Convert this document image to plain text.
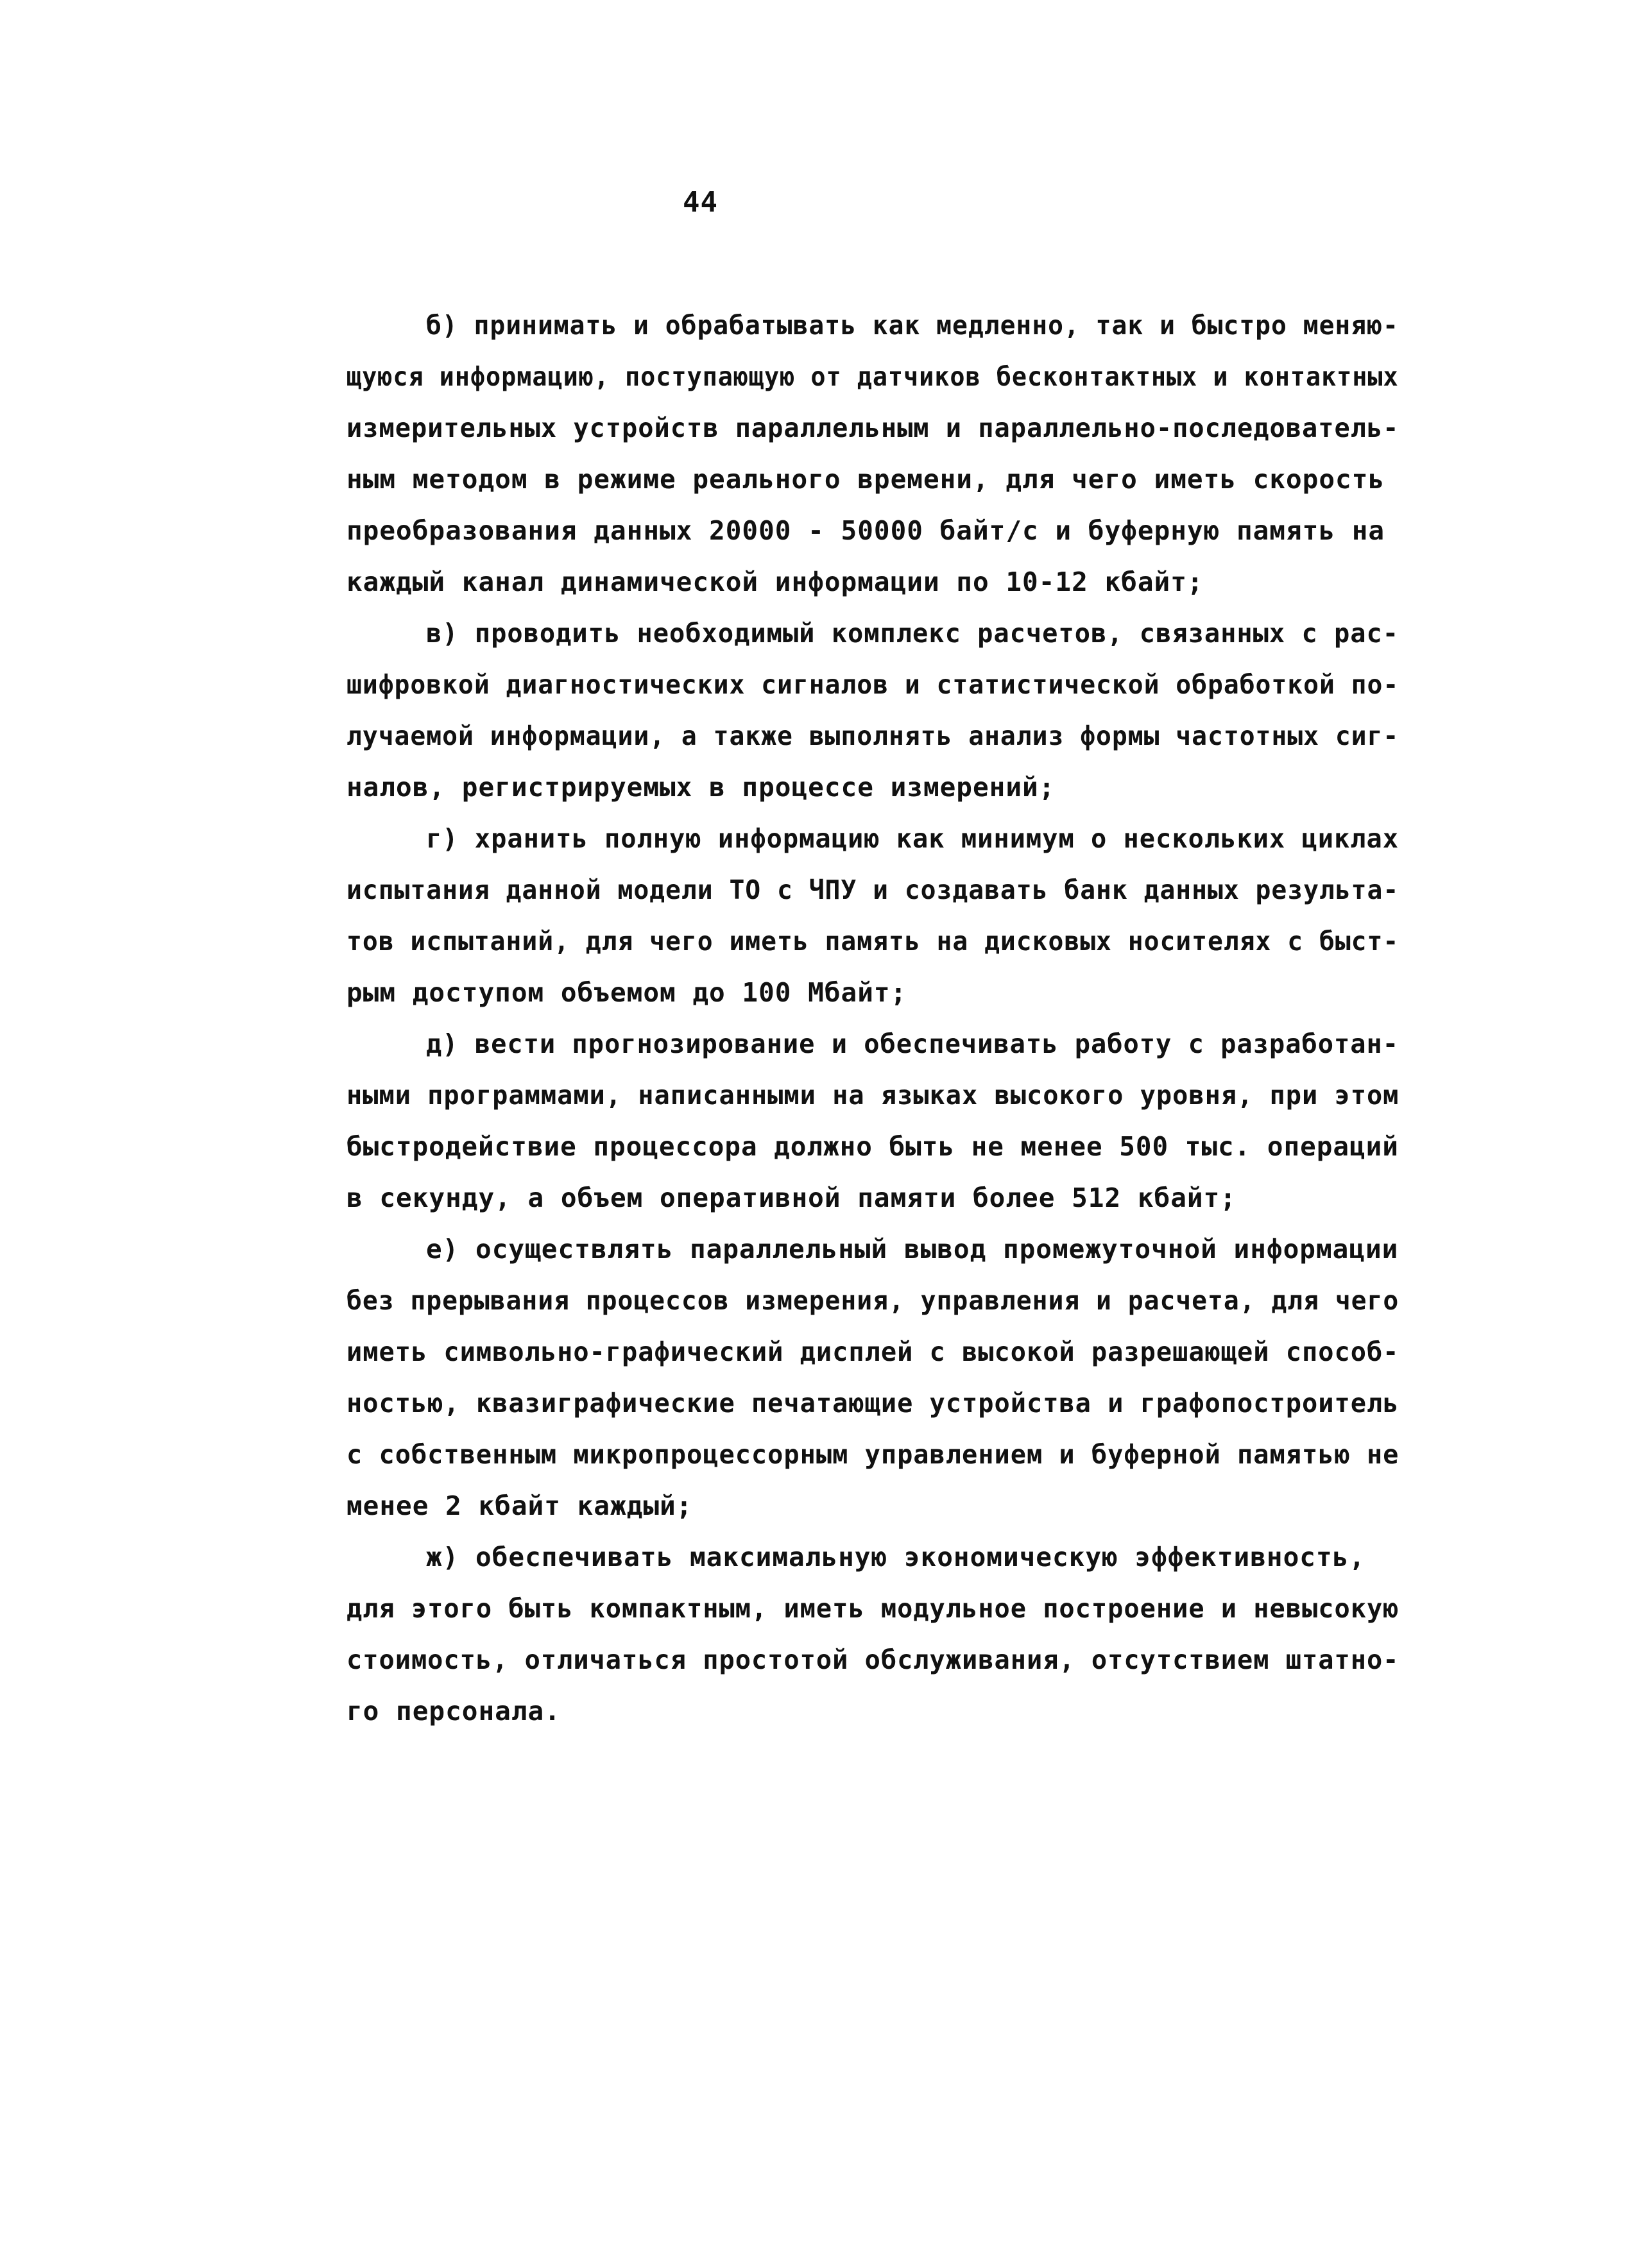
44
б) принимать и обрабатывать как медленно, так и быстро меняю-
щуюся информацию, поступающую от датчиков бесконтактных и контактных
измерительных устройств параллельным и параллельно-последователь-
ным методом в режиме реального времени, для чего иметь скорость
преобразования данных 20000 - 50000 байт/с и буферную память на
каждый канал динамической информации по 10-12 кбайт;
в) проводить необходимый комплекс расчетов, связанных с рас-
шифровкой диагностических сигналов и статистической обработкой по-
лучаемой информации, а также выполнять анализ формы частотных сиг-
налов, регистрируемых в процессе измерений;
г) хранить полную информацию как минимум о нескольких циклах
испытания данной модели ТО с ЧПУ и создавать банк данных результа-
тов испытаний, для чего иметь память на дисковых носителях с быст-
рым доступом объемом до 100 Мбайт;
д) вести прогнозирование и обеспечивать работу с разработан-
ными программами, написанными на языках высокого уровня, при этом
быстродействие процессора должно быть не менее 500 тыс. операций
в секунду, а объем оперативной памяти более 512 кбайт;
е) осуществлять параллельный вывод промежуточной информации
без прерывания процессов измерения, управления и расчета, для чего
иметь символьно-графический дисплей с высокой разрешающей способ-
ностью, квазиграфические печатающие устройства и графопостроитель
с собственным микропроцессорным управлением и буферной памятью не
менее 2 кбайт каждый;
ж) обеспечивать максимальную экономическую эффективность,
для этого быть компактным, иметь модульное построение и невысокую
стоимость, отличаться простотой обслуживания, отсутствием штатно-
го персонала.
